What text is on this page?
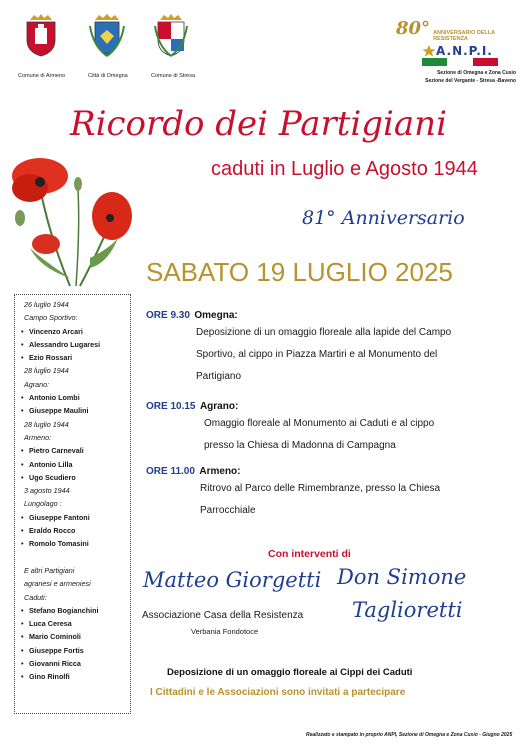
Comune di Armeno	Città di Omegna	Comune di Stresa
80° ANNIVERSARIO DELLA RESISTENZA
A.N.P.I.
Sezione di Omegna e Zona Cusio
Sezione del Vergante - Stresa -Baveno
Ricordo dei Partigiani
caduti in Luglio e Agosto 1944
81° Anniversario
SABATO 19 LUGLIO 2025
26 luglio 1944
Campo Sportivo:
• Vincenzo Arcari
• Alessandro Lugaresi
• Ezio Rossari
28 luglio 1944
Agrano:
• Antonio Lombi
• Giuseppe Maulini
28 luglio 1944
Armeno:
• Pietro Carnevali
• Antonio Lilla
• Ugo Scudiero
3 agosto 1944
Lungolago :
• Giuseppe Fantoni
• Eraldo Rocco
• Romolo Tomasini
E altri Partigiani
agranesi e armeniesi
Caduti:
• Stefano Bogianchini
• Luca Ceresa
• Mario Cominoli
• Giuseppe Fortis
• Giovanni Ricca
• Gino Rinolfi
ORE 9.30 Omegna:
Deposizione di un omaggio floreale alla lapide del Campo
Sportivo, al cippo in Piazza Martiri e al Monumento del
Partigiano
ORE 10.15 Agrano:
Omaggio floreale al Monumento ai Caduti e al cippo
presso la Chiesa di Madonna di Campagna
ORE 11.00 Armeno:
Ritrovo al Parco delle Rimembranze, presso la Chiesa
Parrocchiale
Con interventi di
Matteo Giorgetti
Associazione Casa della Resistenza
Verbania Fondotoce
Don Simone
Taglioretti
Deposizione di un omaggio floreale ai Cippi dei Caduti
I Cittadini e le Associazioni sono invitati a partecipare
Realizzato e stampato in proprio ANPI, Sezione di Omegna e Zona Cusio - Giugno 2025
